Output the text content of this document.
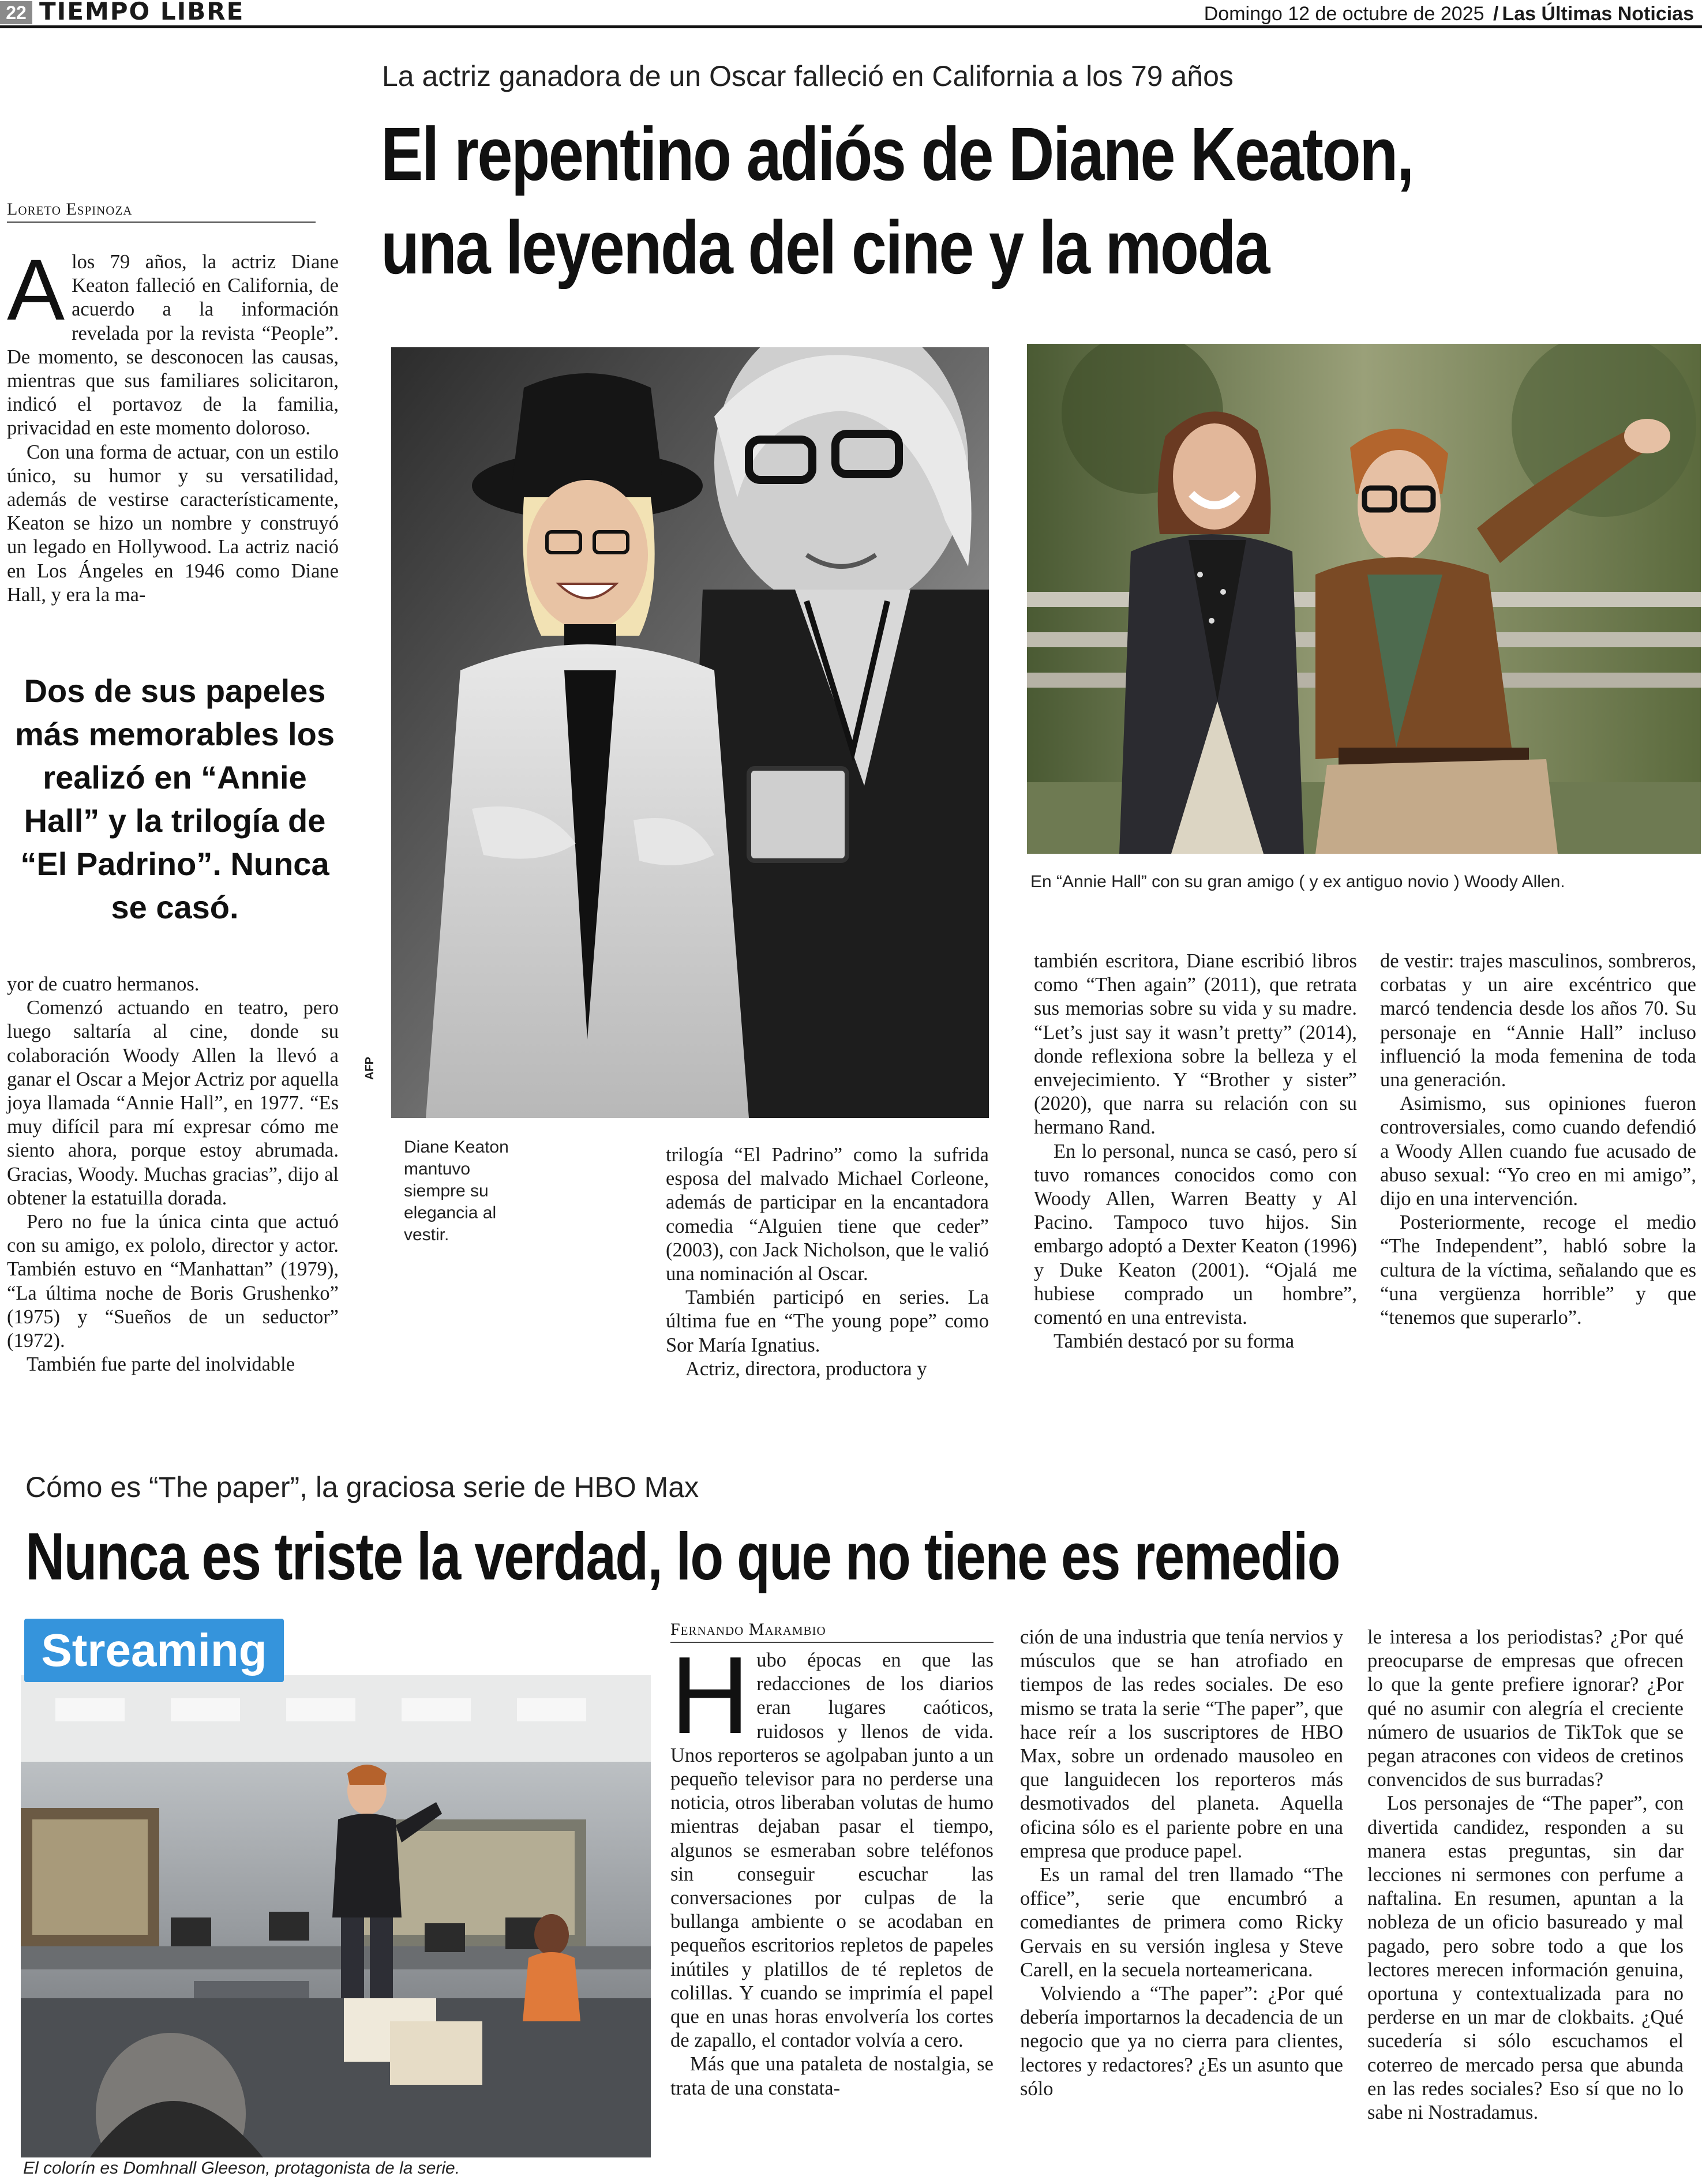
22 TIEMPO LIBRE	Domingo 12 de octubre de 2025 / Las Últimas Noticias
La actriz ganadora de un Oscar falleció en California a los 79 años
El repentino adiós de Diane Keaton,
una leyenda del cine y la moda
Loreto Espinoza

Alos 79 años, la actriz Diane Keaton falleció en California, de acuerdo a la información revelada por la revista “People”. De momento, se desconocen las causas, mientras que sus familiares solicitaron, indicó el portavoz de la familia, privacidad en este momento doloroso.

Con una forma de actuar, con un estilo único, su humor y su versatilidad, además de vestirse característicamente, Keaton se hizo un nombre y construyó un legado en Hollywood. La actriz nació en Los Ángeles en 1946 como Diane Hall, y era la ma-

Dos de sus papeles más memorables los realizó en “Annie Hall” y la trilogía de “El Padrino”. Nunca se casó.

yor de cuatro hermanos.

Comenzó actuando en teatro, pero luego saltaría al cine, donde su colaboración Woody Allen la llevó a ganar el Oscar a Mejor Actriz por aquella joya llamada “Annie Hall”, en 1977. “Es muy difícil para mí expresar cómo me siento ahora, porque estoy abrumada. Gracias, Woody. Muchas gracias”, dijo al obtener la estatuilla dorada.

Pero no fue la única cinta que actuó con su amigo, ex pololo, director y actor. También estuvo en “Manhattan” (1979), “La última noche de Boris Grushenko” (1975) y “Sueños de un seductor” (1972).

También fue parte del inolvidable

AFP
Diane Keaton mantuvo siempre su elegancia al vestir.

trilogía “El Padrino” como la sufrida esposa del malvado Michael Corleone, además de participar en la encantadora comedia “Alguien tiene que ceder” (2003), con Jack Nicholson, que le valió una nominación al Oscar.

También participó en series. La última fue en “The young pope” como Sor María Ignatius.

Actriz, directora, productora y

En “Annie Hall” con su gran amigo ( y ex antiguo novio ) Woody Allen.

también escritora, Diane escribió libros como “Then again” (2011), que retrata sus memorias sobre su vida y su madre. “Let’s just say it wasn’t pretty” (2014), donde reflexiona sobre la belleza y el envejecimiento. Y “Brother y sister” (2020), que narra su relación con su hermano Rand.

En lo personal, nunca se casó, pero sí tuvo romances conocidos como con Woody Allen, Warren Beatty y Al Pacino. Tampoco tuvo hijos. Sin embargo adoptó a Dexter Keaton (1996) y Duke Keaton (2001). “Ojalá me hubiese comprado un hombre”, comentó en una entrevista.

También destacó por su forma

de vestir: trajes masculinos, sombreros, corbatas y un aire excéntrico que marcó tendencia desde los años 70. Su personaje en “Annie Hall” incluso influenció la moda femenina de toda una generación.

Asimismo, sus opiniones fueron controversiales, como cuando defendió a Woody Allen cuando fue acusado de abuso sexual: “Yo creo en mi amigo”, dijo en una intervención.

Posteriormente, recoge el medio “The Independent”, habló sobre la cultura de la víctima, señalando que es “una vergüenza horrible” y que “tenemos que superarlo”.

Cómo es “The paper”, la graciosa serie de HBO Max
Nunca es triste la verdad, lo que no tiene es remedio
Streaming
El colorín es Domhnall Gleeson, protagonista de la serie.
Fernando Marambio

Hubo épocas en que las redacciones de los diarios eran lugares caóticos, ruidosos y llenos de vida. Unos reporteros se agolpaban junto a un pequeño televisor para no perderse una noticia, otros liberaban volutas de humo mientras dejaban pasar el tiempo, algunos se esmeraban sobre teléfonos sin conseguir escuchar las conversaciones por culpas de la bullanga ambiente o se acodaban en pequeños escritorios repletos de papeles inútiles y platillos de té repletos de colillas. Y cuando se imprimía el papel que en unas horas envolvería los cortes de zapallo, el contador volvía a cero.

Más que una pataleta de nostalgia, se trata de una constata-

ción de una industria que tenía nervios y músculos que se han atrofiado en tiempos de las redes sociales. De eso mismo se trata la serie “The paper”, que hace reír a los suscriptores de HBO Max, sobre un ordenado mausoleo en que languidecen los reporteros más desmotivados del planeta. Aquella oficina sólo es el pariente pobre en una empresa que produce papel.

Es un ramal del tren llamado “The office”, serie que encumbró a comediantes de primera como Ricky Gervais en su versión inglesa y Steve Carell, en la secuela norteamericana.

Volviendo a “The paper”: ¿Por qué debería importarnos la decadencia de un negocio que ya no cierra para clientes, lectores y redactores? ¿Es un asunto que sólo

le interesa a los periodistas? ¿Por qué preocuparse de empresas que ofrecen lo que la gente prefiere ignorar? ¿Por qué no asumir con alegría el creciente número de usuarios de TikTok que se pegan atracones con videos de cretinos convencidos de sus burradas?

Los personajes de “The paper”, con divertida candidez, responden a su manera estas preguntas, sin dar lecciones ni sermones con perfume a naftalina. En resumen, apuntan a la nobleza de un oficio basureado y mal pagado, pero sobre todo a que los lectores merecen información genuina, oportuna y contextualizada para no perderse en un mar de clokbaits. ¿Qué sucedería si sólo escuchamos el coterreo de mercado persa que abunda en las redes sociales? Eso sí que no lo sabe ni Nostradamus.
